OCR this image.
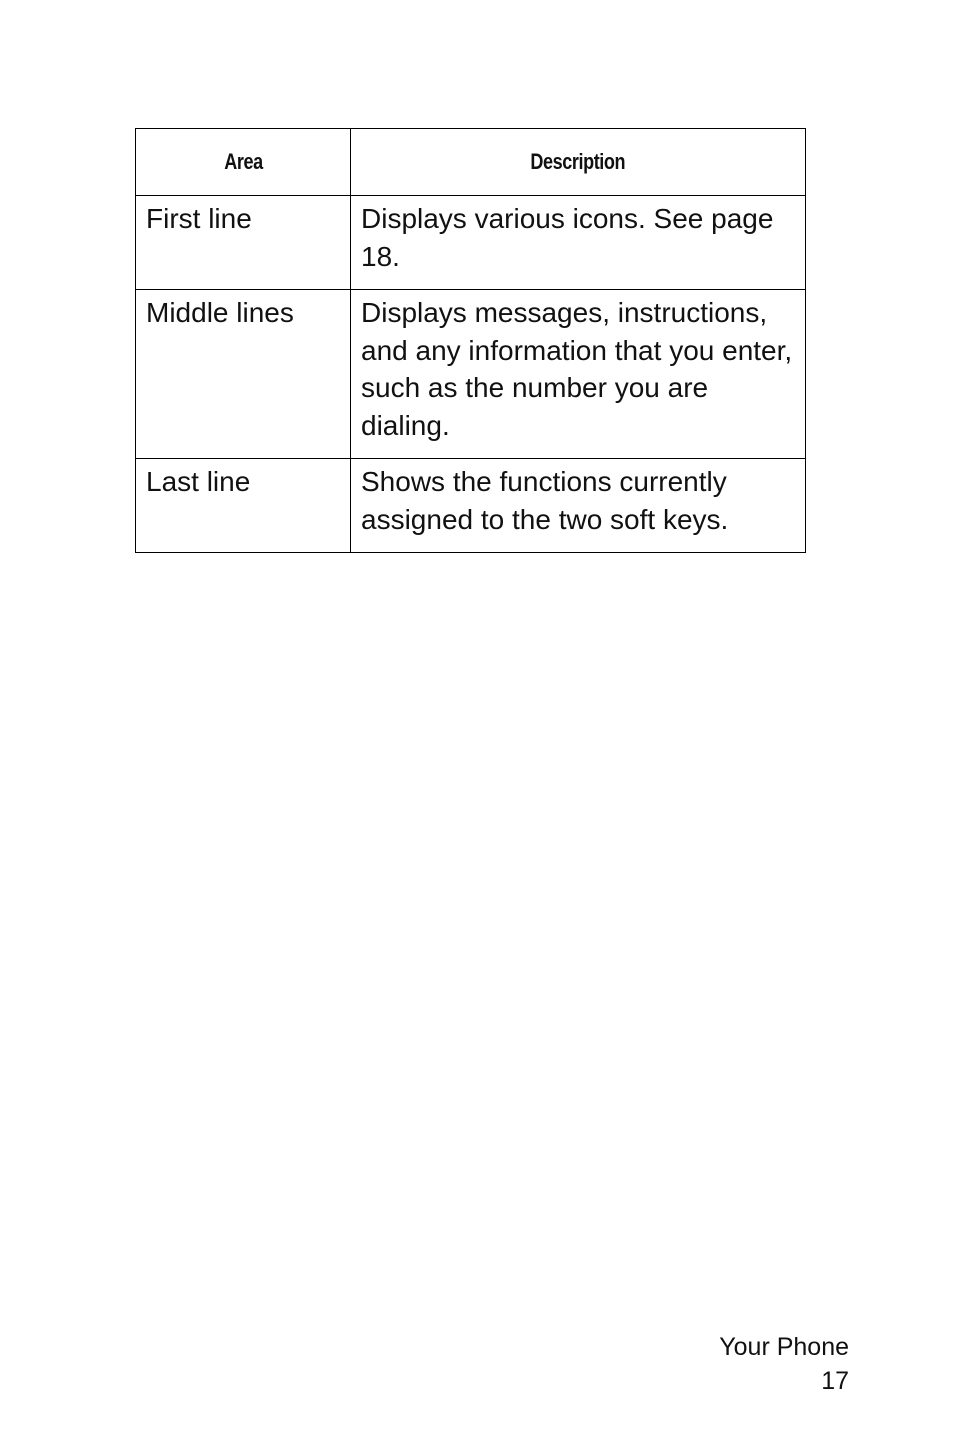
Area	Description
First line	Displays various icons. See page 18.
Middle lines	Displays messages, instructions, and any information that you enter, such as the number you are dialing.
Last line	Shows the functions currently assigned to the two soft keys.
Your Phone
17
